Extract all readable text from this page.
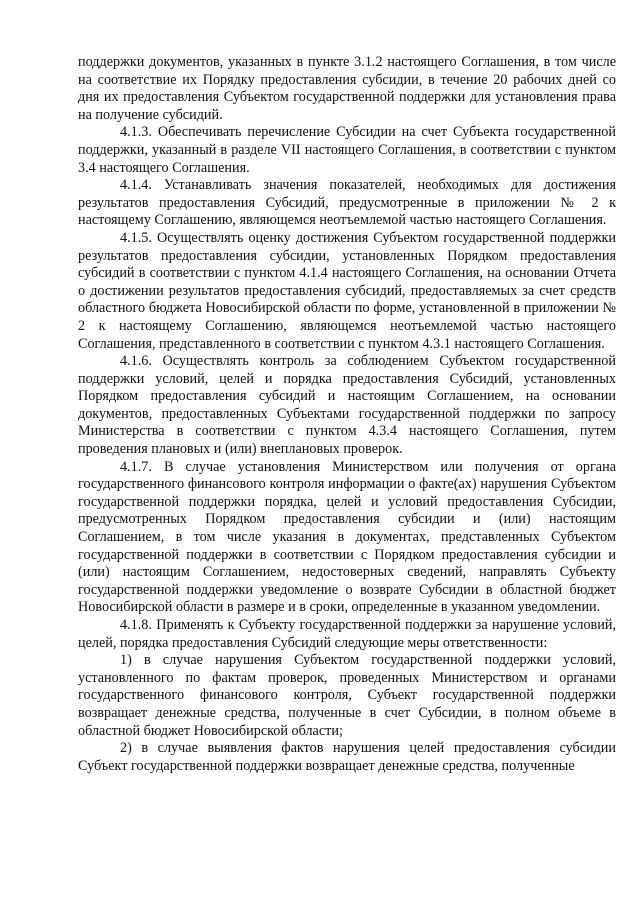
поддержки документов, указанных в пункте 3.1.2 настоящего Соглашения, в том числе на соответствие их Порядку предоставления субсидии, в течение 20 рабочих дней со дня их предоставления Субъектом государственной поддержки для установления права на получение субсидий.

4.1.3. Обеспечивать перечисление Субсидии на счет Субъекта государственной поддержки, указанный в разделе VII настоящего Соглашения, в соответствии с пунктом 3.4 настоящего Соглашения.

4.1.4. Устанавливать значения показателей, необходимых для достижения результатов предоставления Субсидий, предусмотренные в приложении № 2 к настоящему Соглашению, являющемся неотъемлемой частью настоящего Соглашения.

4.1.5. Осуществлять оценку достижения Субъектом государственной поддержки результатов предоставления субсидии, установленных Порядком предоставления субсидий в соответствии с пунктом 4.1.4 настоящего Соглашения, на основании Отчета о достижении результатов предоставления субсидий, предоставляемых за счет средств областного бюджета Новосибирской области по форме, установленной в приложении № 2 к настоящему Соглашению, являющемся неотъемлемой частью настоящего Соглашения, представленного в соответствии с пунктом 4.3.1 настоящего Соглашения.

4.1.6. Осуществлять контроль за соблюдением Субъектом государственной поддержки условий, целей и порядка предоставления Субсидий, установленных Порядком предоставления субсидий и настоящим Соглашением, на основании документов, предоставленных Субъектами государственной поддержки по запросу Министерства в соответствии с пунктом 4.3.4 настоящего Соглашения, путем проведения плановых и (или) внеплановых проверок.

4.1.7. В случае установления Министерством или получения от органа государственного финансового контроля информации о факте(ах) нарушения Субъектом государственной поддержки порядка, целей и условий предоставления Субсидии, предусмотренных Порядком предоставления субсидии и (или) настоящим Соглашением, в том числе указания в документах, представленных Субъектом государственной поддержки в соответствии с Порядком предоставления субсидии и (или) настоящим Соглашением, недостоверных сведений, направлять Субъекту государственной поддержки уведомление о возврате Субсидии в областной бюджет Новосибирской области в размере и в сроки, определенные в указанном уведомлении.

4.1.8. Применять к Субъекту государственной поддержки за нарушение условий, целей, порядка предоставления Субсидий следующие меры ответственности:

1) в случае нарушения Субъектом государственной поддержки условий, установленного по фактам проверок, проведенных Министерством и органами государственного финансового контроля, Субъект государственной поддержки возвращает денежные средства, полученные в счет Субсидии, в полном объеме в областной бюджет Новосибирской области;

2) в случае выявления фактов нарушения целей предоставления субсидии Субъект государственной поддержки возвращает денежные средства, полученные
